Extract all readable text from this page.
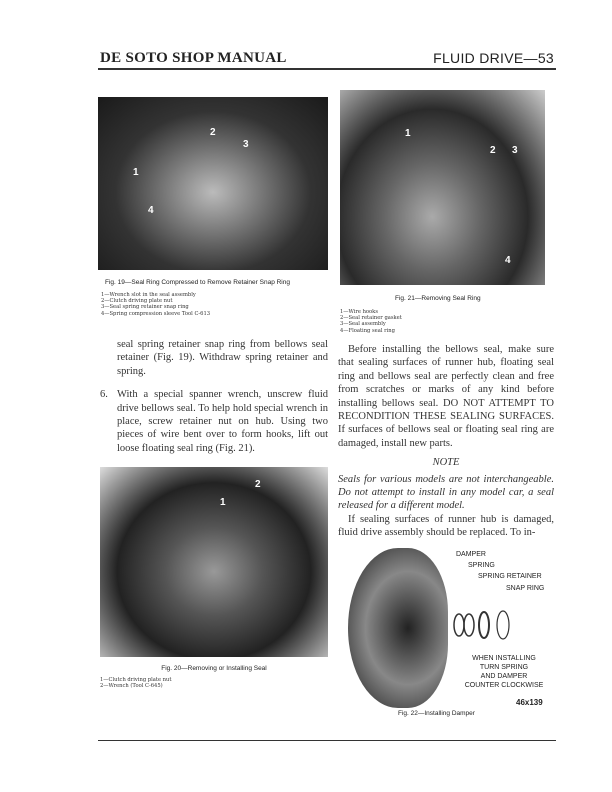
DE SOTO SHOP MANUAL	FLUID DRIVE—53
2
3
1
4
Fig. 19—Seal Ring Compressed to Remove Retainer Snap Ring
1—Wrench slot in the seal assembly
2—Clutch driving plate nut
3—Seal spring retainer snap ring
4—Spring compression sleeve Tool C-613
1
2 3
4
Fig. 21—Removing Seal Ring
1—Wire hooks
2—Seal retainer gasket
3—Seal assembly
4—Floating seal ring
seal spring retainer snap ring from bellows seal retainer (Fig. 19). Withdraw spring retainer and spring.
6. With a special spanner wrench, unscrew fluid drive bellows seal. To help hold special wrench in place, screw retainer nut on hub. Using two pieces of wire bent over to form hooks, lift out loose floating seal ring (Fig. 21).
2
1
Fig. 20—Removing or Installing Seal
1—Clutch driving plate nut
2—Wrench (Tool C-645)
Before installing the bellows seal, make sure that sealing surfaces of runner hub, floating seal ring and bellows seal are perfectly clean and free from scratches or marks of any kind before installing bellows seal. DO NOT ATTEMPT TO RECONDITION THESE SEALING SURFACES. If surfaces of bellows seal or floating seal ring are damaged, install new parts.
NOTE
Seals for various models are not interchangeable. Do not attempt to install in any model car, a seal released for a different model.
If sealing surfaces of runner hub is damaged, fluid drive assembly should be replaced. To in-
DAMPER
SPRING
SPRING RETAINER
SNAP RING
WHEN INSTALLING
TURN SPRING
AND DAMPER
COUNTER CLOCKWISE
46x139
Fig. 22—Installing Damper
